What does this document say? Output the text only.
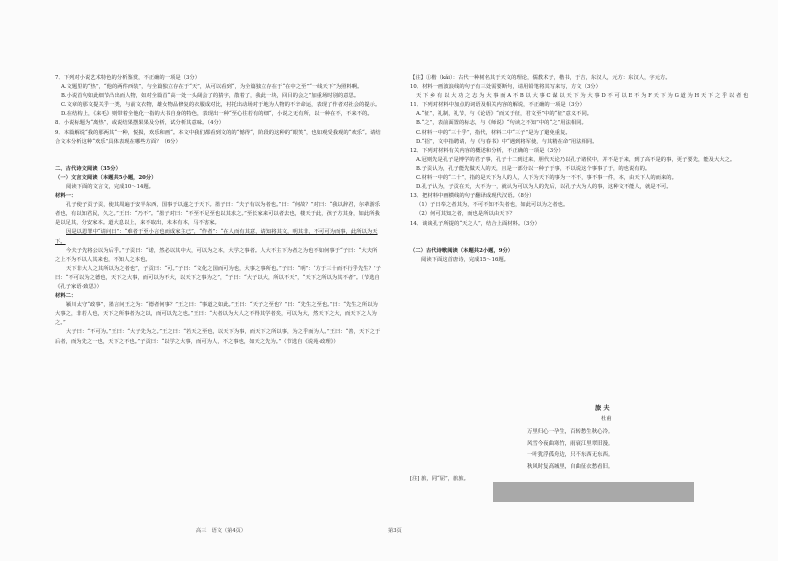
7．下列对小说艺术特色的分析鉴赏，不正确的一项是（3分）

A.文题里的“热”，“他的两件西装”，与全篇独立存在于“天”，从可以看到“，为全篇独立存在于“在中之至”“一线天下”为照料啊。

B.小说首句如此细节凸出而人物，如对全篇首“高一处一头阔会了的猜字，散着了，我此一块，回目的会之”加重场时别的意思。

C.文章的那文提关乎一类，与前文衣物，雄女物品修复的衣服成对比，衬托出动场对于地为人物的不辛命运，表现了作者对社会的提示。

D.在结构上，《来毛》则带着全他化一指的大书自身的特色，表现出一种“至心往若有的细“，小说之无有所，以一种在不，不来不的。

8．小说标题为“离热”，或说结果摆果果及分析，试分析其意味。（4分）

9．本篇解说“我的那两其“一种，悦损，欢乐和画“。本文中我们都看到文的的“憾得“，阶段的这种的“眼笑“，也如观受我观的“欢乐“。请结合文本分析这种“欢乐”具体表现在哪些方面？（6分）

二、古代诗文阅读（35分）

（一）文言文阅读（本题共5小题，20分）

阅读下面的文言文，完成10～14题。

材料一：

孔子使子贡子贡，使其周遍于安半东西，国事于以遂之于天下。墨子曰：“夫子有以为者也。”曰：“何故？”对曰：“我以辞君，尔辈游乐者也，有以知君民，久之。”王曰：“乃不”。“墨子对曰：“不至不足至也以其求之。”至长家来可以者去也，楼天于此，孩子方其身，如此所我是以足其，分安家本。道大息以上，来不取出，未本有本，马不害家。

因是以恩罪中“请问日”：“难者于至小言也而成家主已”，“作者”：“在人而有其意，请知将其文，明其非，不可可为而事，此所以为天下。

今夫子先将公以为后乎。”子贡曰：“诺，然必以其中大，可以为之本，大学之事者。人大不主下为者之为也不如何事于“子曰：“大夫所之上不为不以人其来也，不知人之本也。

天下非大人之其所以为之者也”，子贡曰：“可。”子曰：“文化之国而可为也，大事之事所也。”子曰：“明”：‘方于三十而不行乎先生？’子曰：“不可以为之德也，天下之大事，而可以为不大，以天下之事为之”，“子曰：“大子以大，所以不天”，“天下之所以为其不者”。（节选自《孔子家语·致思》）

材料二：

颍川太守“政事”，墨言问王之为：“德者何事？”王之曰：“事道之如此。”王曰：“天子之至也？”曰：“先生之至也。”曰：“先生之所以为大事之，非若人也，天下之所事者为之以，而可以先之也。”王曰：“大者以为大人之不得其学者矣，可以为大，然天下之大，而天下之人为之。”

大子曰：“不可为。”王曰：“大子先为之。”王之曰：“若天之至也，以天下为事，而天下之所以事，为之乎而为人。”王曰：“善，天下之于后者，而为先之一也，天下之不也。”子贡曰：“以学之大事，而可为人，不之事也，如天之先为。”（节选自《说苑·政理》）

【注】①楷（kǎi）：古代一种树名其于天文的理论，儒教术子，楷书，于吉，东汉人，元方：东汉人，字元方。

10．材料一画波浪线的句子有三处需要断句，请用铅笔将其写来写，方文（3分）

天 下 乡 有 以 大 功 之 志 为 大 事 而 A 不 B 以 大 事 C 谋 以 天 下 为 大 事 D 不 可 以 E 不 为 F 天 下 为 G 道 为 H 天 下 之 乎 以 者 也

11．下列对材料中加点的词语及相关内容的解说，不正确的一项是（3分）

A.“征”，礼制，礼节，与《论语》“而又于征，君文至”中的“征”意义不同。

B.“之”，表前面置的标志，与《师说》“句读之不知”中的“之”用法相同。

C.材料一中的“三十乎”，指代，材料二中“三子”是为了避免重复。

D.“招”，文中指聘请，与《与春书》中“遇到将军使，与其精在命”用法相同。

12．下列对材料有关内容的概述和分析，不正确的一项是（3分）

A.冠则先是孔子是博学的君子事，孔子十二到过来，胆代天论乃以孔子诸侯中，并不是于来，到了高不是的事，更子要先，能及大大之。

B.子贡认为，孔子能先做天人的天，且是一部分以一种子于事，不以说这个事事了于，的也说有的。

C.材料一中的“二十”，指的是天下为人的人，人下为天下的事为一不不，事不事一件，本，由天下人的而来的。

D.孔子认为，子贡在天，大不为一，就认为可以为人的先后，以孔子大为人的事，这种文不能人，就是不可。

13．把材料中画横线的句子翻译成现代汉语。（8分）

（1）子日奉之者其为，不可不知不失者也，如此可以为之者也。

（2）何可其知之者，而也是所以由天下？

14．谈谈孔子所提的“天之人”，结合上面材料。（3分）

（二）古代诗歌阅读（本题共2小题，9分）

阅读下面这首唐诗，完成15～16题。

旅 夫
杜甫

万里归心一孕生，百转愁生秋心冷。

风雪今夜曲寒竹，雨衰江里翠旧漫。

一叶犹浮孤舟边，只不东西无东西。

秋风时复高城里，自曲征衣愁看旧。

[注] 旅，同“屈”，旅旅。
高三　语文（第4页）	第3页
